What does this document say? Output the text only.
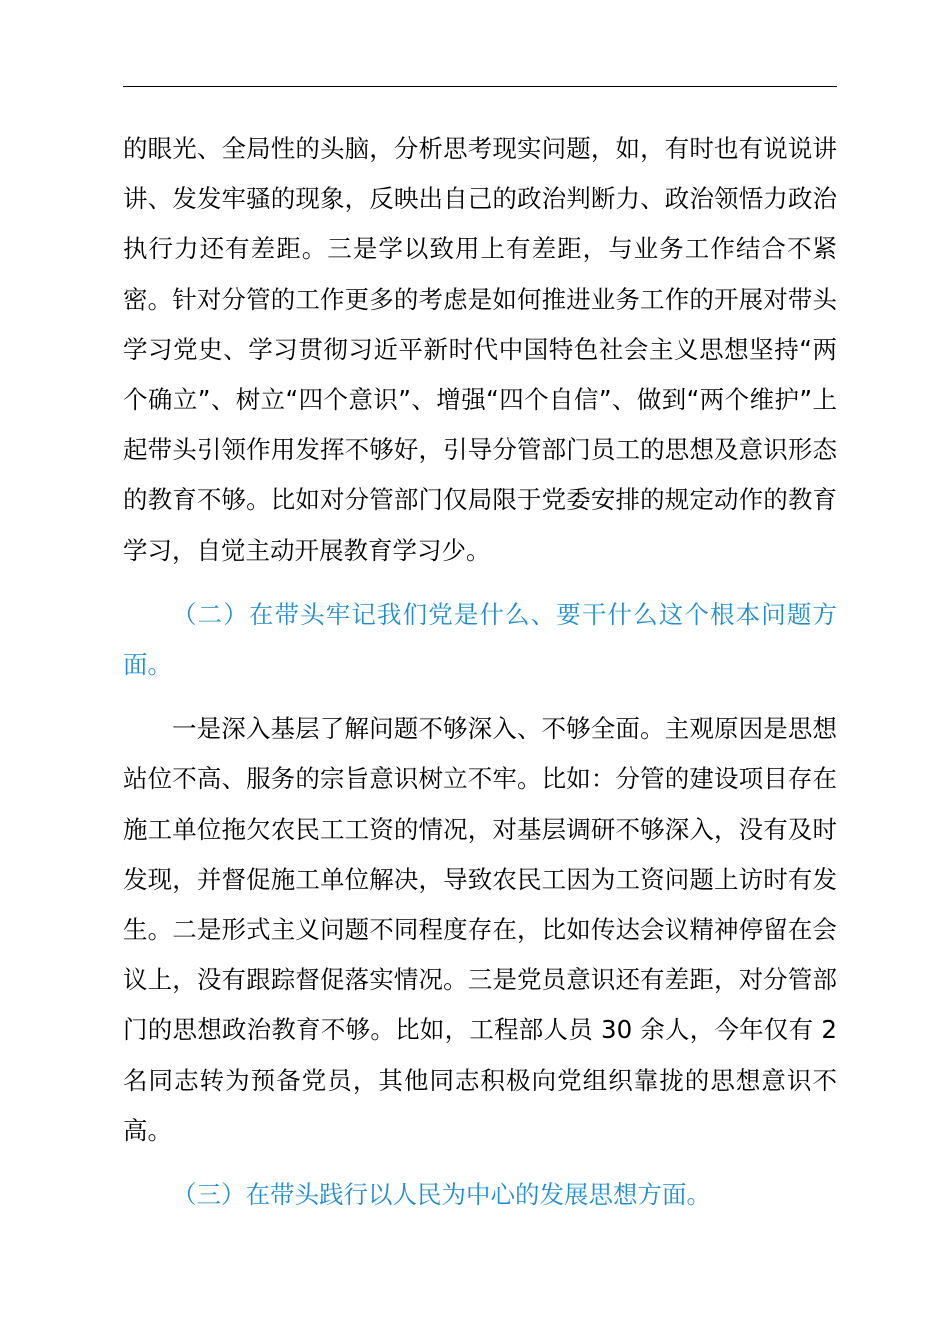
的眼光、全局性的头脑，分析思考现实问题，如，有时也有说说讲讲、发发牢骚的现象，反映出自己的政治判断力、政治领悟力政治执行力还有差距。三是学以致用上有差距，与业务工作结合不紧密。针对分管的工作更多的考虑是如何推进业务工作的开展对带头学习党史、学习贯彻习近平新时代中国特色社会主义思想坚持“两个确立”、树立“四个意识”、增强“四个自信”、做到“两个维护”上起带头引领作用发挥不够好，引导分管部门员工的思想及意识形态的教育不够。比如对分管部门仅局限于党委安排的规定动作的教育学习，自觉主动开展教育学习少。

（二）在带头牢记我们党是什么、要干什么这个根本问题方面。

一是深入基层了解问题不够深入、不够全面。主观原因是思想站位不高、服务的宗旨意识树立不牢。比如：分管的建设项目存在施工单位拖欠农民工工资的情况，对基层调研不够深入，没有及时发现，并督促施工单位解决，导致农民工因为工资问题上访时有发生。二是形式主义问题不同程度存在，比如传达会议精神停留在会议上，没有跟踪督促落实情况。三是党员意识还有差距，对分管部门的思想政治教育不够。比如，工程部人员 30 余人，今年仅有 2 名同志转为预备党员，其他同志积极向党组织靠拢的思想意识不高。

（三）在带头践行以人民为中心的发展思想方面。
